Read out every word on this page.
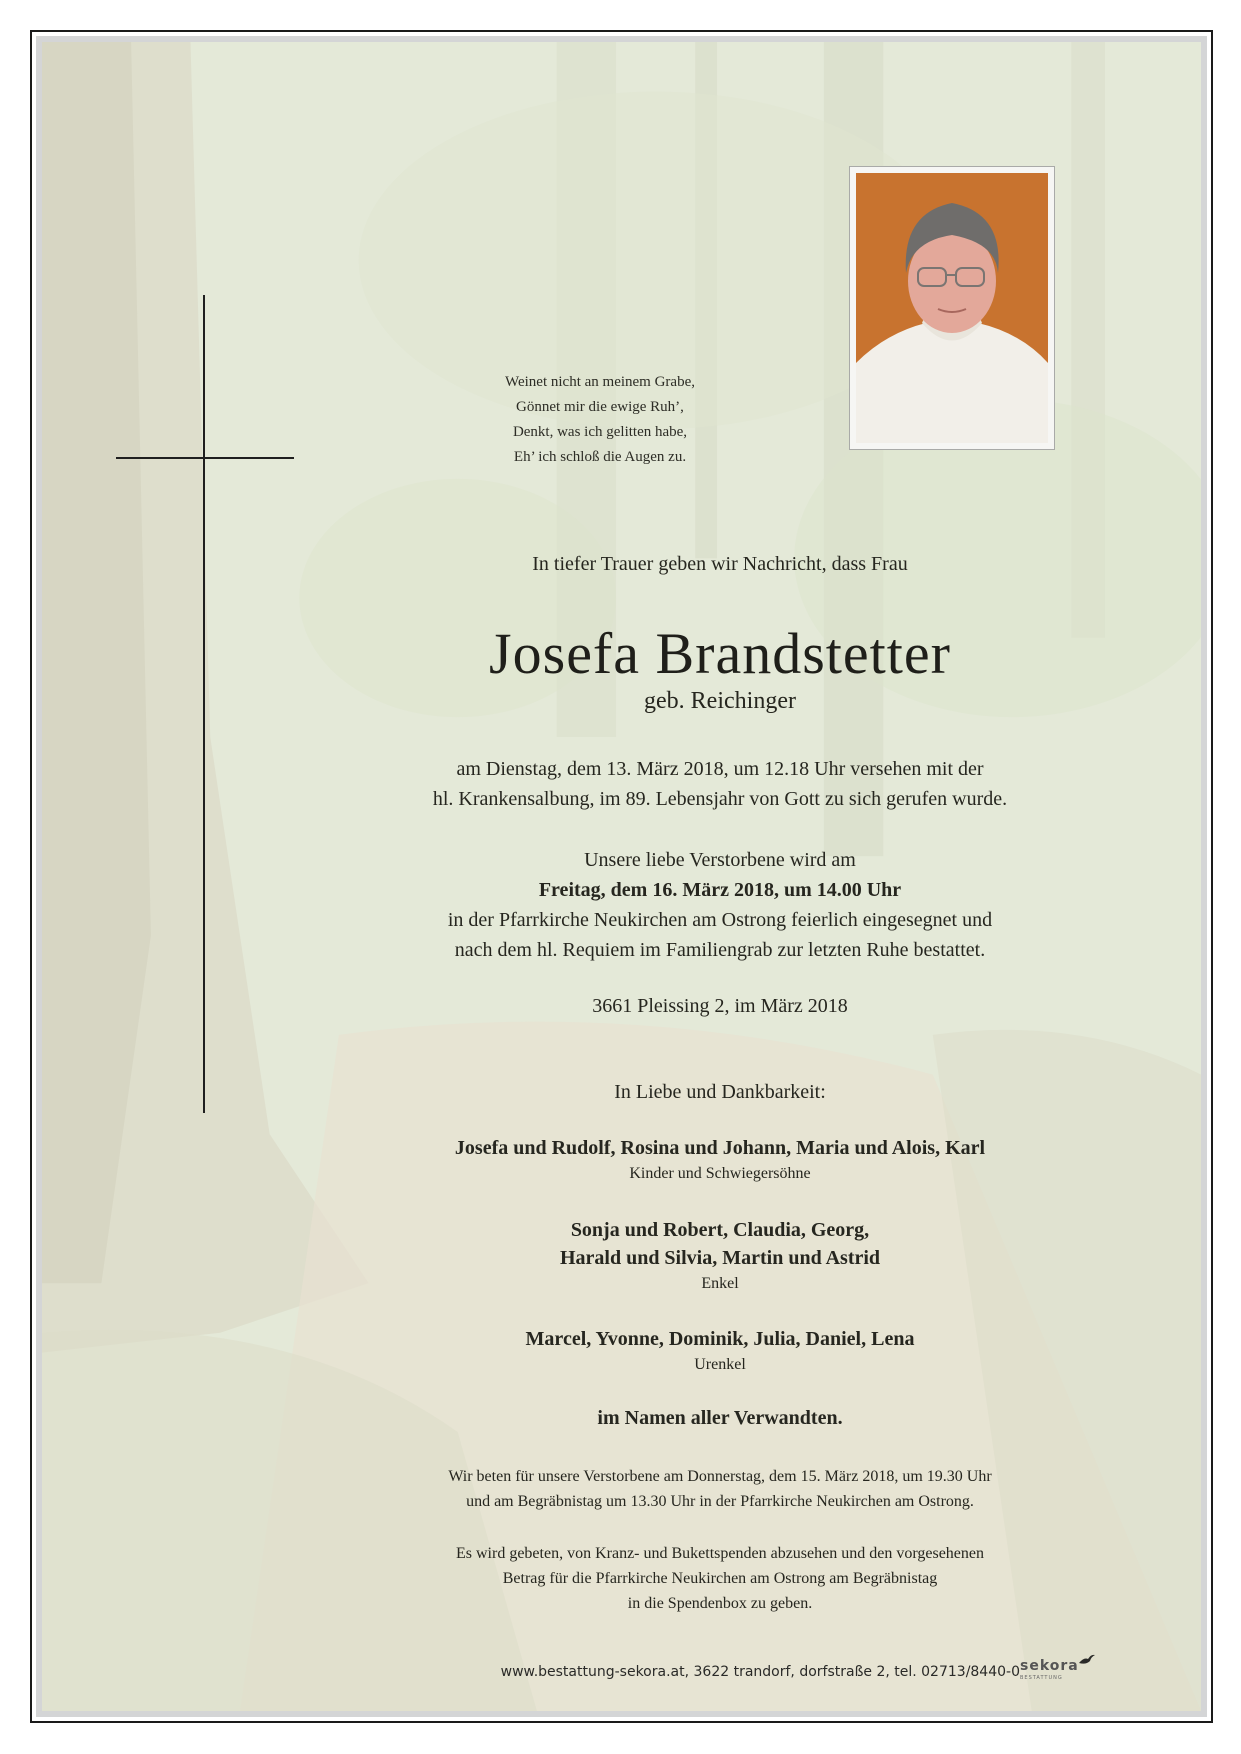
Weinet nicht an meinem Grabe,
Gönnet mir die ewige Ruh’,
Denkt, was ich gelitten habe,
Eh’ ich schloß die Augen zu.
In tiefer Trauer geben wir Nachricht, dass Frau
Josefa Brandstetter
geb. Reichinger
am Dienstag, dem 13. März 2018, um 12.18 Uhr versehen mit der
hl. Krankensalbung, im 89. Lebensjahr von Gott zu sich gerufen wurde.
Unsere liebe Verstorbene wird am
Freitag, dem 16. März 2018, um 14.00 Uhr
in der Pfarrkirche Neukirchen am Ostrong feierlich eingesegnet und
nach dem hl. Requiem im Familiengrab zur letzten Ruhe bestattet.
3661 Pleissing 2, im März 2018
In Liebe und Dankbarkeit:
Josefa und Rudolf, Rosina und Johann, Maria und Alois, Karl
Kinder und Schwiegersöhne
Sonja und Robert, Claudia, Georg,
Harald und Silvia, Martin und Astrid
Enkel
Marcel, Yvonne, Dominik, Julia, Daniel, Lena
Urenkel
im Namen aller Verwandten.
Wir beten für unsere Verstorbene am Donnerstag, dem 15. März 2018, um 19.30 Uhr
und am Begräbnistag um 13.30 Uhr in der Pfarrkirche Neukirchen am Ostrong.
Es wird gebeten, von Kranz- und Bukettspenden abzusehen und den vorgesehenen
Betrag für die Pfarrkirche Neukirchen am Ostrong am Begräbnistag
in die Spendenbox zu geben.
www.bestattung-sekora.at, 3622 trandorf, dorfstraße 2, tel. 02713/8440-0 sekora
BESTATTUNG
